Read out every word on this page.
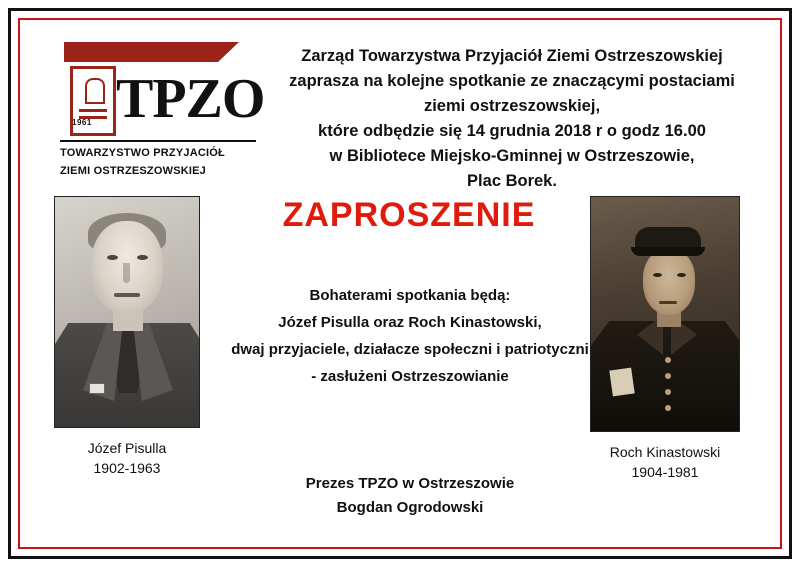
1961 TPZO
TOWARZYSTWO PRZYJACIÓŁ
ZIEMI OSTRZESZOWSKIEJ
Zarząd Towarzystwa Przyjaciół Ziemi Ostrzeszowskiej
zaprasza na kolejne spotkanie ze znaczącymi postaciami
ziemi ostrzeszowskiej,
które odbędzie się 14 grudnia 2018 r o godz 16.00
w Bibliotece Miejsko-Gminnej w Ostrzeszowie,
Plac Borek.
ZAPROSZENIE
Bohaterami spotkania będą:
Józef Pisulla oraz Roch Kinastowski,
dwaj przyjaciele, działacze społeczni i patriotyczni
- zasłużeni Ostrzeszowianie
Józef Pisulla
1902-1963
Roch Kinastowski
1904-1981
Prezes TPZO w Ostrzeszowie
Bogdan Ogrodowski
